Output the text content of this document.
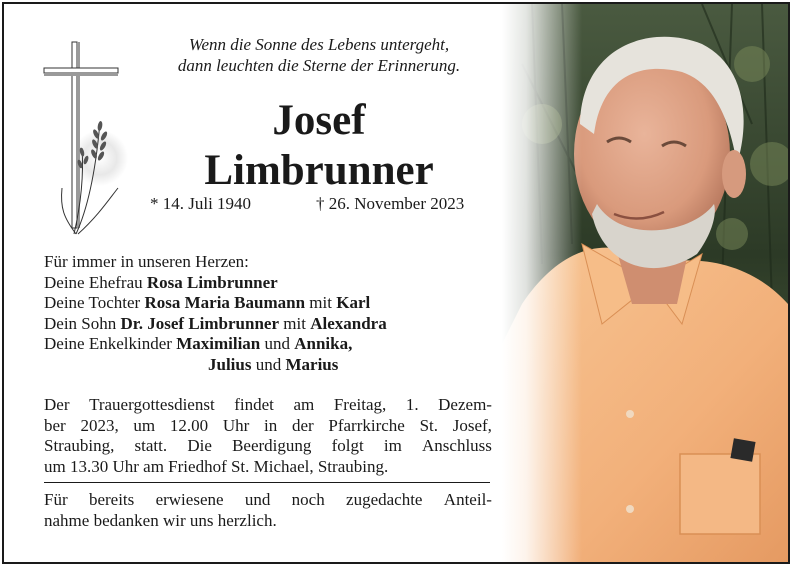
Wenn die Sonne des Lebens untergeht,
dann leuchten die Sterne der Erinnerung.
Josef
Limbrunner
* 14. Juli 1940	† 26. November 2023
Für immer in unseren Herzen:
Deine Ehefrau Rosa Limbrunner
Deine Tochter Rosa Maria Baumann mit Karl
Dein Sohn Dr. Josef Limbrunner mit Alexandra
Deine Enkelkinder Maximilian und Annika,
Julius und Marius
Der Trauergottesdienst findet am Freitag, 1. Dezem-
ber 2023, um 12.00 Uhr in der Pfarrkirche St. Josef,
Straubing, statt. Die Beerdigung folgt im Anschluss
um 13.30 Uhr am Friedhof St. Michael, Straubing.
Für bereits erwiesene und noch zugedachte Anteil-
nahme bedanken wir uns herzlich.
